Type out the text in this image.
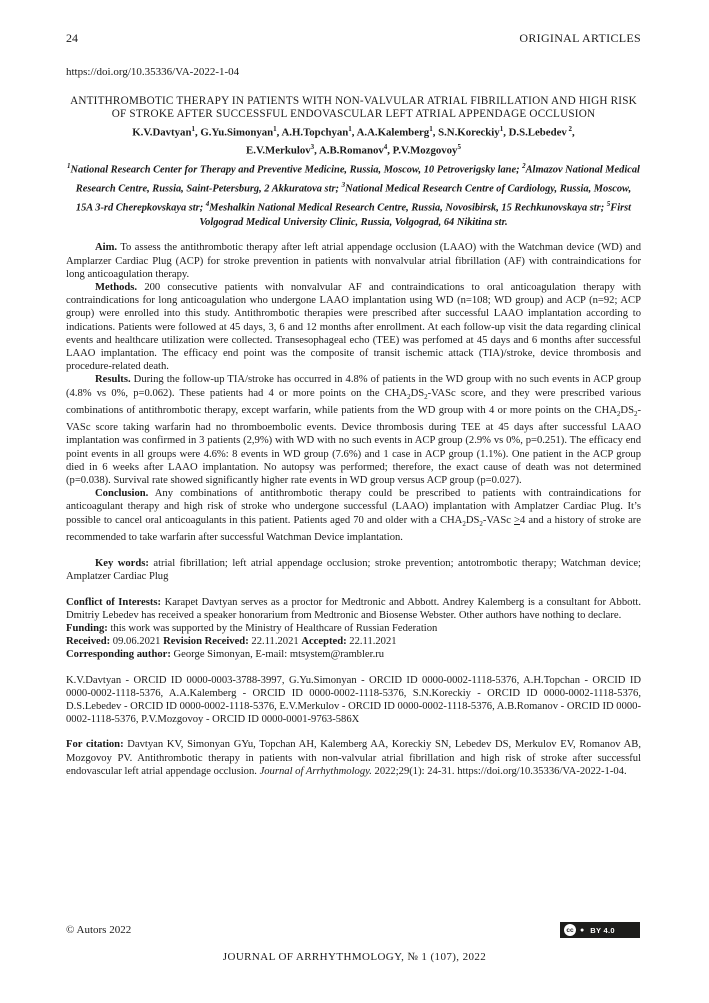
24	ORIGINAL ARTICLES
https://doi.org/10.35336/VA-2022-1-04
ANTITHROMBOTIC THERAPY IN PATIENTS WITH NON-VALVULAR ATRIAL FIBRILLATION AND HIGH RISK OF STROKE AFTER SUCCESSFUL ENDOVASCULAR LEFT ATRIAL APPENDAGE OCCLUSION
K.V.Davtyan$^1$, G.Yu.Simonyan$^1$, A.H.Topchyan$^1$, A.A.Kalemberg$^1$, S.N.Koreckiy$^1$, D.S.Lebedev $^2$,
E.V.Merkulov$^3$, A.B.Romanov$^4$, P.V.Mozgovoy$^5$
$^1$National Research Center for Therapy and Preventive Medicine, Russia, Moscow, 10 Petroverigsky lane; $^2$Almazov National Medical Research Centre, Russia, Saint-Petersburg, 2 Akkuratova str; $^3$National Medical Research Centre of Cardiology, Russia, Moscow, 15A 3-rd Cherepkovskaya str; $^4$Meshalkin National Medical Research Centre, Russia, Novosibirsk, 15 Rechkunovskaya str; $^5$First Volgograd Medical University Clinic, Russia, Volgograd, 64 Nikitina str.

Aim. To assess the antithrombotic therapy after left atrial appendage occlusion (LAAO) with the Watchman device (WD) and Amplarzer Cardiac Plug (ACP) for stroke prevention in patients with nonvalvular atrial fibrillation (AF) with contraindications for long anticoagulation therapy.

Methods. 200 consecutive patients with nonvalvular AF and contraindications to oral anticoagulation therapy with contraindications for long anticoagulation who undergone LAAO implantation using WD (n=108; WD group) and ACP (n=92; ACP group) were enrolled into this study. Antithrombotic therapies were prescribed after successful LAAO implantation according to indications. Patients were followed at 45 days, 3, 6 and 12 months after enrollment. At each follow-up visit the data regarding clinical events and healthcare utilization were collected. Transesophageal echo (TEE) was perfomed at 45 days and 6 months after successful LAAO implantation. The efficacy end point was the composite of transit ischemic attack (TIA)/stroke, device thrombosis and procedure-related death.

Results. During the follow-up TIA/stroke has occurred in 4.8% of patients in the WD group with no such events in ACP group (4.8% vs 0%, p=0.062). These patients had 4 or more points on the $CHA_2DS_2$-VASc score, and they were prescribed various combinations of antithrombotic therapy, except warfarin, while patients from the WD group with 4 or more points on the $CHA_2DS_2$-VASc score taking warfarin had no thromboembolic events. Device thrombosis during TEE at 45 days after successful LAAO implantation was confirmed in 3 patients (2,9%) with WD with no such events in ACP group (2.9% vs 0%, p=0.251). The efficacy end point events in all groups were 4.6%: 8 events in WD group (7.6%) and 1 case in ACP group (1.1%). One patient in the ACP group died in 6 weeks after LAAO implantation. No autopsy was performed; therefore, the exact cause of death was not determined (p=0.038). Survival rate showed significantly higher rate events in WD group versus ACP group (p=0.027).

Conclusion. Any combinations of antithrombotic therapy could be prescribed to patients with contraindications for anticoagulant therapy and high risk of stroke who undergone successful (LAAO) implantation with Amplatzer Cardiac Plug. It’s possible to cancel oral anticoagulants in this patient. Patients aged 70 and older with a $CHA_2DS_2$-VASc ≥4 and a history of stroke are recommended to take warfarin after successful Watchman Device implantation.

Key words: atrial fibrillation; left atrial appendage occlusion; stroke prevention; antotrombotic therapy; Watchman device; Amplatzer Cardiac Plug

Conflict of Interests: Karapet Davtyan serves as a proctor for Medtronic and Abbott. Andrey Kalemberg is a consultant for Abbott. Dmitriy Lebedev has received a speaker honorarium from Medtronic and Biosense Webster. Other authors have nothing to declare.

Funding: this work was supported by the Ministry of Healthcare of Russian Federation

Received: 09.06.2021 Revision Received: 22.11.2021 Accepted: 22.11.2021

Corresponding author: George Simonyan, E-mail: mtsystem@rambler.ru

K.V.Davtyan - ORCID ID 0000-0003-3788-3997, G.Yu.Simonyan - ORCID ID 0000-0002-1118-5376, A.H.Topchan - ORCID ID 0000-0002-1118-5376, A.A.Kalemberg - ORCID ID 0000-0002-1118-5376, S.N.Koreckiy - ORCID ID 0000-0002-1118-5376, D.S.Lebedev - ORCID ID 0000-0002-1118-5376, E.V.Merkulov - ORCID ID 0000-0002-1118-5376, A.B.Romanov - ORCID ID 0000-0002-1118-5376, P.V.Mozgovoy - ORCID ID 0000-0001-9763-586X
For citation: Davtyan KV, Simonyan GYu, Topchan AH, Kalemberg AA, Koreckiy SN, Lebedev DS, Merkulov EV, Romanov AB, Mozgovoy PV. Antithrombotic therapy in patients with non-valvular atrial fibrillation and high risk of stroke after successful endovascular left atrial appendage occlusion. Journal of Arrhythmology. 2022;29(1): 24-31. https://doi.org/10.35336/VA-2022-1-04.
© Autors 2022	cc ● BY 4.0
JOURNAL OF ARRHYTHMOLOGY, № 1 (107), 2022
